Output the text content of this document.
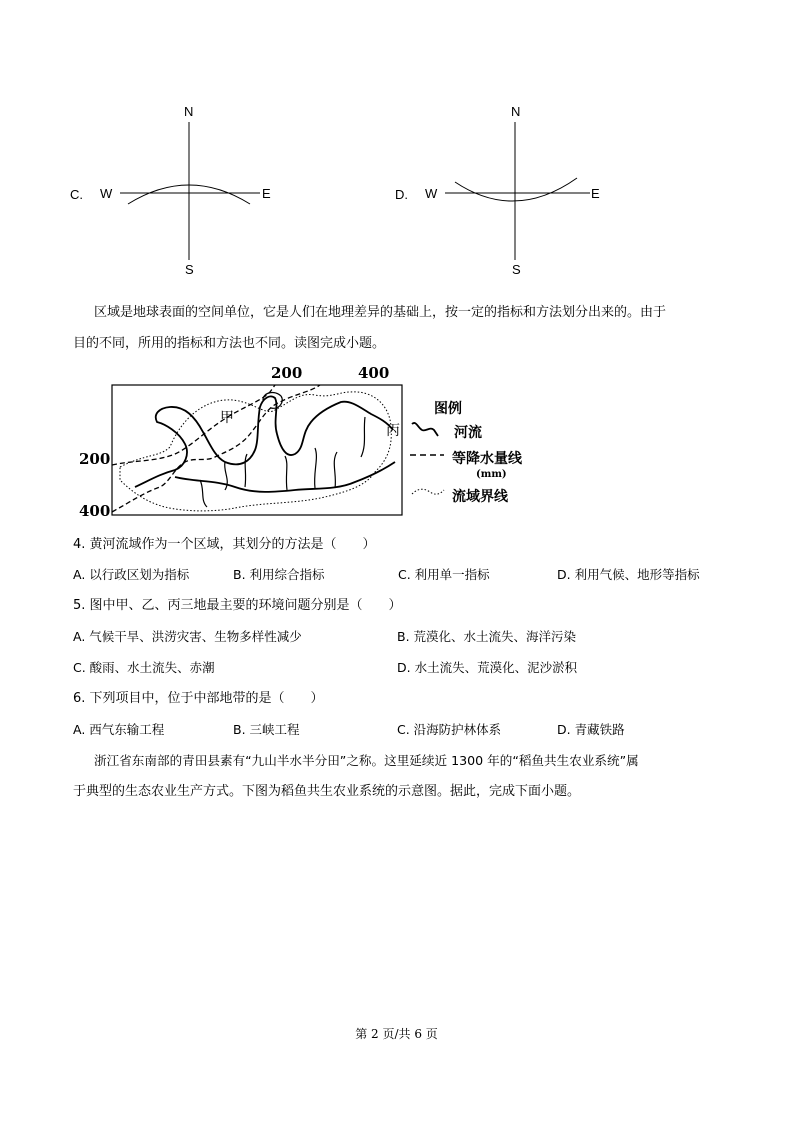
C.
N
W	E
S
D.
N
W	E
S
区域是地球表面的空间单位，它是人们在地理差异的基础上，按一定的指标和方法划分出来的。由于
目的不同，所用的指标和方法也不同。读图完成小题。
200	400
200
400
甲
丙
图例
河流
等降水量线
(mm)
流域界线
4. 黄河流域作为一个区域，其划分的方法是（　　）
A. 以行政区划为指标	B. 利用综合指标	C. 利用单一指标	D. 利用气候、地形等指标
5. 图中甲、乙、丙三地最主要的环境问题分别是（　　）
A. 气候干旱、洪涝灾害、生物多样性减少	B. 荒漠化、水土流失、海洋污染
C. 酸雨、水土流失、赤潮	D. 水土流失、荒漠化、泥沙淤积
6. 下列项目中，位于中部地带的是（　　）
A. 西气东输工程	B. 三峡工程	C. 沿海防护林体系	D. 青藏铁路
浙江省东南部的青田县素有“九山半水半分田”之称。这里延续近 1300 年的“稻鱼共生农业系统”属
于典型的生态农业生产方式。下图为稻鱼共生农业系统的示意图。据此，完成下面小题。
第 2 页/共 6 页
